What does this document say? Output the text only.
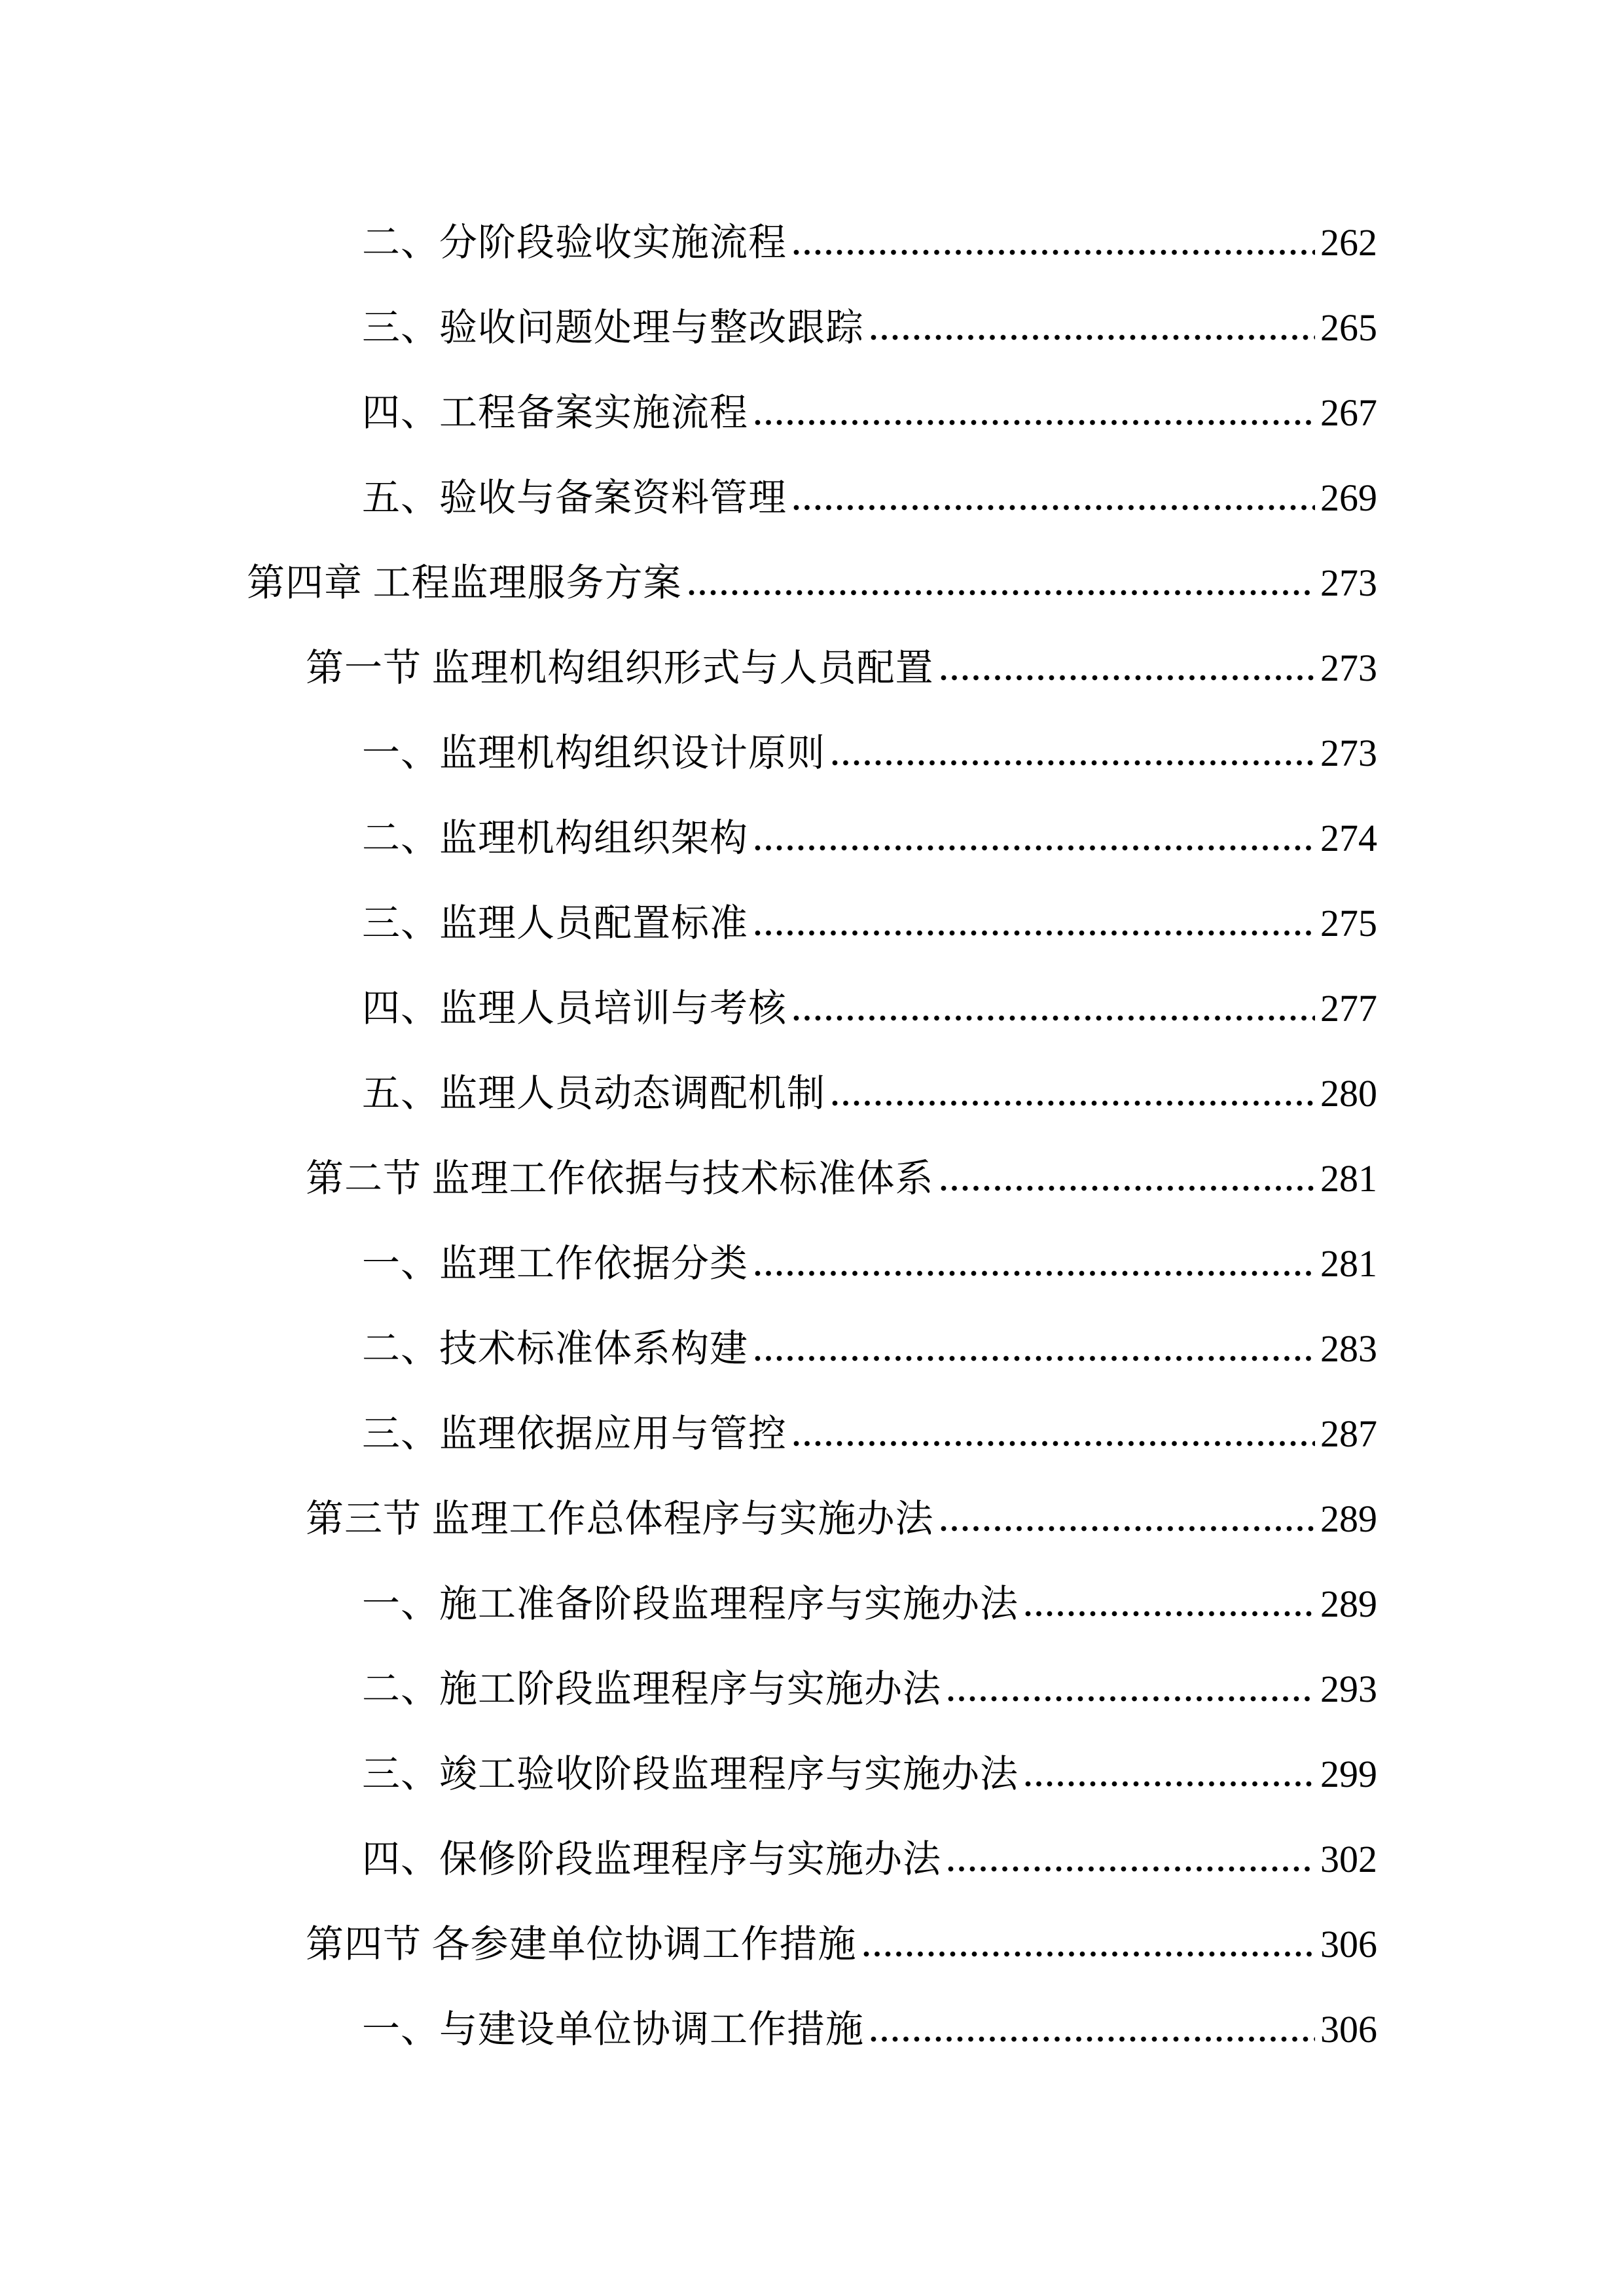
二、分阶段验收实施流程	262
三、验收问题处理与整改跟踪	265
四、工程备案实施流程	267
五、验收与备案资料管理	269
第四章 工程监理服务方案	273
第一节 监理机构组织形式与人员配置	273
一、监理机构组织设计原则	273
二、监理机构组织架构	274
三、监理人员配置标准	275
四、监理人员培训与考核	277
五、监理人员动态调配机制	280
第二节 监理工作依据与技术标准体系	281
一、监理工作依据分类	281
二、技术标准体系构建	283
三、监理依据应用与管控	287
第三节 监理工作总体程序与实施办法	289
一、施工准备阶段监理程序与实施办法	289
二、施工阶段监理程序与实施办法	293
三、竣工验收阶段监理程序与实施办法	299
四、保修阶段监理程序与实施办法	302
第四节 各参建单位协调工作措施	306
一、与建设单位协调工作措施	306
